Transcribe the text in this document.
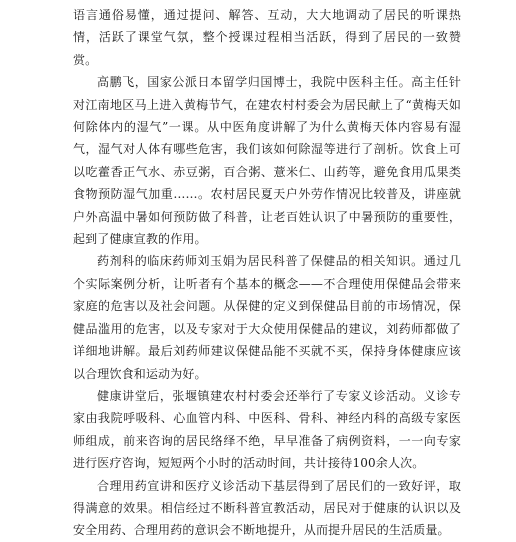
语言通俗易懂，通过提问、解答、互动，大大地调动了居民的听课热情，活跃了课堂气氛，整个授课过程相当活跃，得到了居民的一致赞赏。

高鹏飞，国家公派日本留学归国博士，我院中医科主任。高主任针对江南地区马上进入黄梅节气，在建农村村委会为居民献上了“黄梅天如何除体内的湿气”一课。从中医角度讲解了为什么黄梅天体内容易有湿气，湿气对人体有哪些危害，我们该如何除湿等进行了剖析。饮食上可以吃藿香正气水、赤豆粥，百合粥、薏米仁、山药等，避免食用瓜果类食物预防湿气加重……。农村居民夏天户外劳作情况比较普及，讲座就户外高温中暑如何预防做了科普，让老百姓认识了中暑预防的重要性，起到了健康宣教的作用。

药剂科的临床药师刘玉娟为居民科普了保健品的相关知识。通过几个实际案例分析，让听者有个基本的概念——不合理使用保健品会带来家庭的危害以及社会问题。从保健的定义到保健品目前的市场情况，保健品滥用的危害，以及专家对于大众使用保健品的建议，刘药师都做了详细地讲解。最后刘药师建议保健品能不买就不买，保持身体健康应该以合理饮食和运动为好。

健康讲堂后，张堰镇建农村村委会还举行了专家义诊活动。义诊专家由我院呼吸科、心血管内科、中医科、骨科、神经内科的高级专家医师组成，前来咨询的居民络绎不绝，早早准备了病例资料，一一向专家进行医疗咨询，短短两个小时的活动时间，共计接待100余人次。

合理用药宣讲和医疗义诊活动下基层得到了居民们的一致好评，取得满意的效果。相信经过不断科普宣教活动，居民对于健康的认识以及安全用药、合理用药的意识会不断地提升，从而提升居民的生活质量。
